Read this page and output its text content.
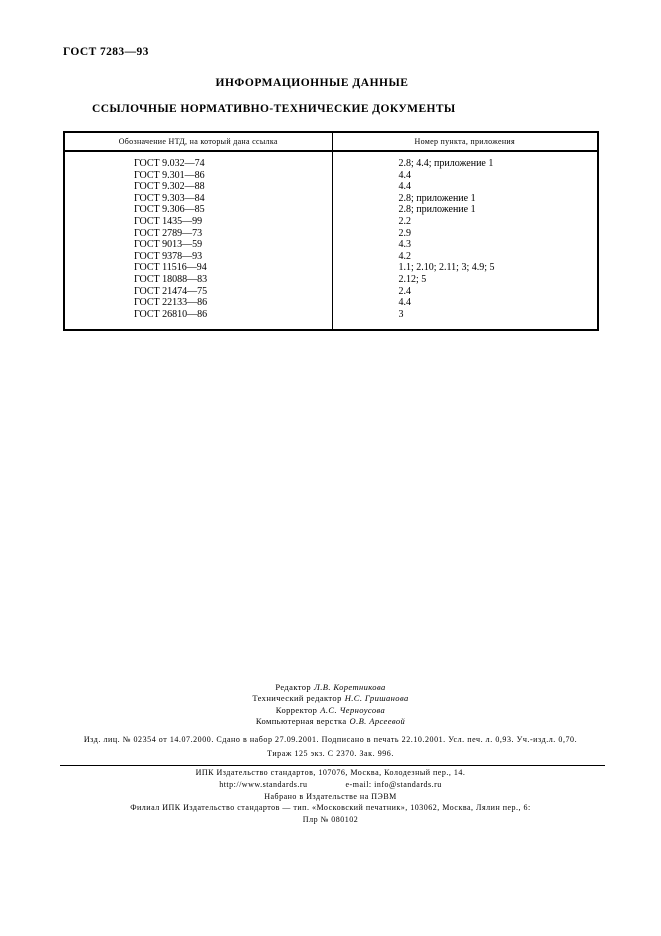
ГОСТ 7283—93
ИНФОРМАЦИОННЫЕ ДАННЫЕ
ССЫЛОЧНЫЕ НОРМАТИВНО-ТЕХНИЧЕСКИЕ ДОКУМЕНТЫ
Обозначение НТД, на который дана ссылка	Номер пункта, приложения
ГОСТ 9.032—74	2.8; 4.4; приложение 1
ГОСТ 9.301—86	4.4
ГОСТ 9.302—88	4.4
ГОСТ 9.303—84	2.8; приложение 1
ГОСТ 9.306—85	2.8; приложение 1
ГОСТ 1435—99	2.2
ГОСТ 2789—73	2.9
ГОСТ 9013—59	4.3
ГОСТ 9378—93	4.2
ГОСТ 11516—94	1.1; 2.10; 2.11; 3; 4.9; 5
ГОСТ 18088—83	2.12; 5
ГОСТ 21474—75	2.4
ГОСТ 22133—86	4.4
ГОСТ 26810—86	3
Редактор Л.В. Коретникова
Технический редактор Н.С. Гришанова
Корректор А.С. Черноусова
Компьютерная верстка О.В. Арсеевой
Изд. лиц. № 02354 от 14.07.2000. Сдано в набор 27.09.2001. Подписано в печать 22.10.2001. Усл. печ. л. 0,93. Уч.-изд.л. 0,70.
Тираж 125 экз. С 2370. Зак. 996.
ИПК Издательство стандартов, 107076, Москва, Колодезный пер., 14.
http://www.standards.ru	e-mail: info@standards.ru
Набрано в Издательстве на ПЭВМ
Филиал ИПК Издательство стандартов — тип. «Московский печатник», 103062, Москва, Лялин пер., 6:
Плр № 080102
